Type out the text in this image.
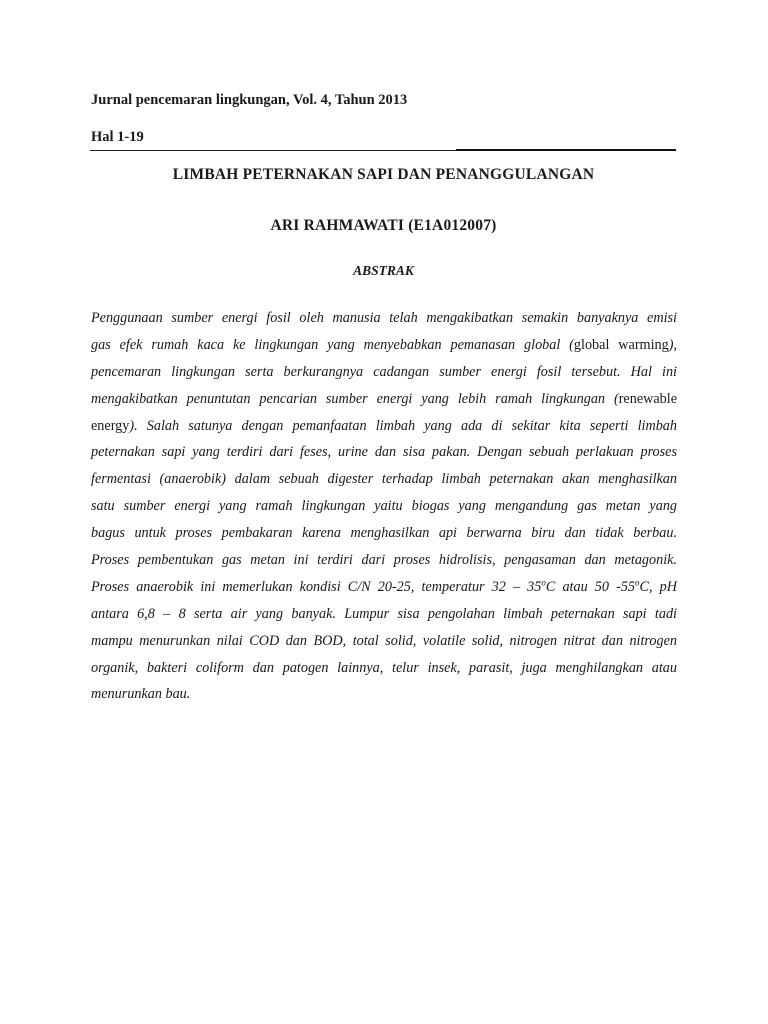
Jurnal pencemaran lingkungan, Vol. 4, Tahun 2013

Hal 1-19

LIMBAH PETERNAKAN SAPI DAN PENANGGULANGAN

ARI RAHMAWATI (E1A012007)

ABSTRAK

Penggunaan sumber energi fosil oleh manusia telah mengakibatkan semakin banyaknya emisi
gas efek rumah kaca ke lingkungan yang menyebabkan pemanasan global (global warming),
pencemaran lingkungan serta berkurangnya cadangan sumber energi fosil tersebut. Hal ini
mengakibatkan penuntutan pencarian sumber energi yang lebih ramah lingkungan (renewable
energy). Salah satunya dengan pemanfaatan limbah yang ada di sekitar kita seperti limbah
peternakan sapi yang terdiri dari feses, urine dan sisa pakan. Dengan sebuah perlakuan proses
fermentasi (anaerobik) dalam sebuah digester terhadap limbah peternakan akan menghasilkan
satu sumber energi yang ramah lingkungan yaitu biogas yang mengandung gas metan yang
bagus untuk proses pembakaran karena menghasilkan api berwarna biru dan tidak berbau.
Proses pembentukan gas metan ini terdiri dari proses hidrolisis, pengasaman dan metagonik.
Proses anaerobik ini memerlukan kondisi C/N 20-25, temperatur 32 – 35$^o$C atau 50 -55$^o$C, pH
antara 6,8 – 8 serta air yang banyak. Lumpur sisa pengolahan limbah peternakan sapi tadi
mampu menurunkan nilai COD dan BOD, total solid, volatile solid, nitrogen nitrat dan nitrogen
organik, bakteri coliform dan patogen lainnya, telur insek, parasit, juga menghilangkan atau
menurunkan bau.
